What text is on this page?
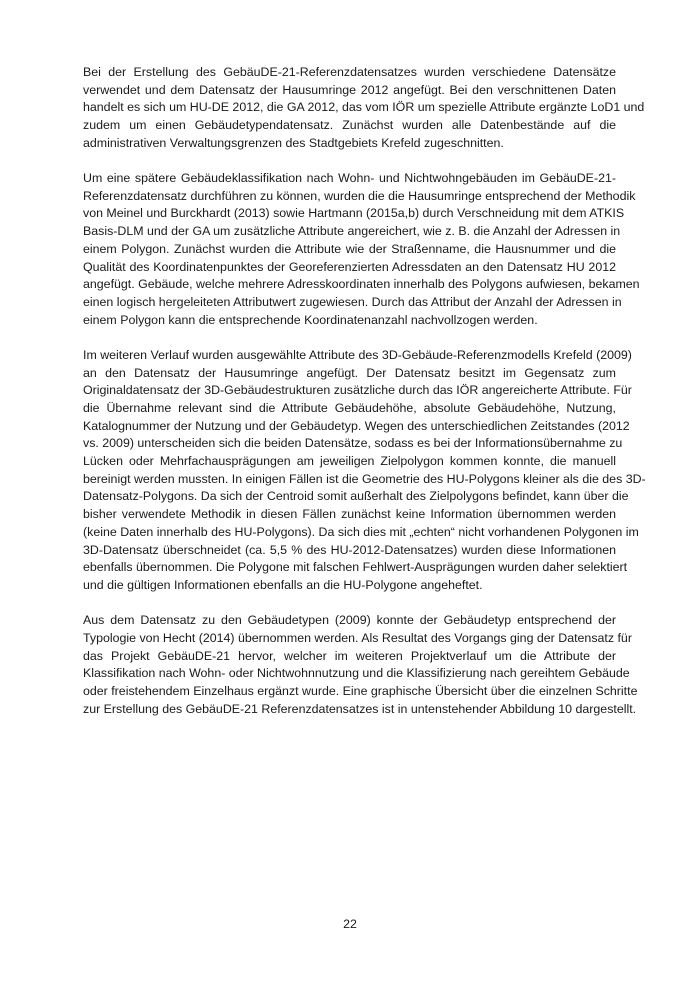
Bei der Erstellung des GebäuDE-21-Referenzdatensatzes wurden verschiedene Datensätze
verwendet und dem Datensatz der Hausumringe 2012 angefügt. Bei den verschnittenen Daten
handelt es sich um HU-DE 2012, die GA 2012, das vom IÖR um spezielle Attribute ergänzte LoD1 und
zudem um einen Gebäudetypendatensatz. Zunächst wurden alle Datenbestände auf die
administrativen Verwaltungsgrenzen des Stadtgebiets Krefeld zugeschnitten.

Um eine spätere Gebäudeklassifikation nach Wohn- und Nichtwohngebäuden im GebäuDE-21-
Referenzdatensatz durchführen zu können, wurden die die Hausumringe entsprechend der Methodik
von Meinel und Burckhardt (2013) sowie Hartmann (2015a,b) durch Verschneidung mit dem ATKIS
Basis-DLM und der GA um zusätzliche Attribute angereichert, wie z. B. die Anzahl der Adressen in
einem Polygon. Zunächst wurden die Attribute wie der Straßenname, die Hausnummer und die
Qualität des Koordinatenpunktes der Georeferenzierten Adressdaten an den Datensatz HU 2012
angefügt. Gebäude, welche mehrere Adresskoordinaten innerhalb des Polygons aufwiesen, bekamen
einen logisch hergeleiteten Attributwert zugewiesen. Durch das Attribut der Anzahl der Adressen in
einem Polygon kann die entsprechende Koordinatenanzahl nachvollzogen werden.

Im weiteren Verlauf wurden ausgewählte Attribute des 3D-Gebäude-Referenzmodells Krefeld (2009)
an den Datensatz der Hausumringe angefügt. Der Datensatz besitzt im Gegensatz zum
Originaldatensatz der 3D-Gebäudestrukturen zusätzliche durch das IÖR angereicherte Attribute. Für
die Übernahme relevant sind die Attribute Gebäudehöhe, absolute Gebäudehöhe, Nutzung,
Katalognummer der Nutzung und der Gebäudetyp. Wegen des unterschiedlichen Zeitstandes (2012
vs. 2009) unterscheiden sich die beiden Datensätze, sodass es bei der Informationsübernahme zu
Lücken oder Mehrfachausprägungen am jeweiligen Zielpolygon kommen konnte, die manuell
bereinigt werden mussten. In einigen Fällen ist die Geometrie des HU-Polygons kleiner als die des 3D-
Datensatz-Polygons. Da sich der Centroid somit außerhalt des Zielpolygons befindet, kann über die
bisher verwendete Methodik in diesen Fällen zunächst keine Information übernommen werden
(keine Daten innerhalb des HU-Polygons). Da sich dies mit „echten“ nicht vorhandenen Polygonen im
3D-Datensatz überschneidet (ca. 5,5 % des HU-2012-Datensatzes) wurden diese Informationen
ebenfalls übernommen. Die Polygone mit falschen Fehlwert-Ausprägungen wurden daher selektiert
und die gültigen Informationen ebenfalls an die HU-Polygone angeheftet.

Aus dem Datensatz zu den Gebäudetypen (2009) konnte der Gebäudetyp entsprechend der
Typologie von Hecht (2014) übernommen werden. Als Resultat des Vorgangs ging der Datensatz für
das Projekt GebäuDE-21 hervor, welcher im weiteren Projektverlauf um die Attribute der
Klassifikation nach Wohn- oder Nichtwohnnutzung und die Klassifizierung nach gereihtem Gebäude
oder freistehendem Einzelhaus ergänzt wurde. Eine graphische Übersicht über die einzelnen Schritte
zur Erstellung des GebäuDE-21 Referenzdatensatzes ist in untenstehender Abbildung 10 dargestellt.

22
